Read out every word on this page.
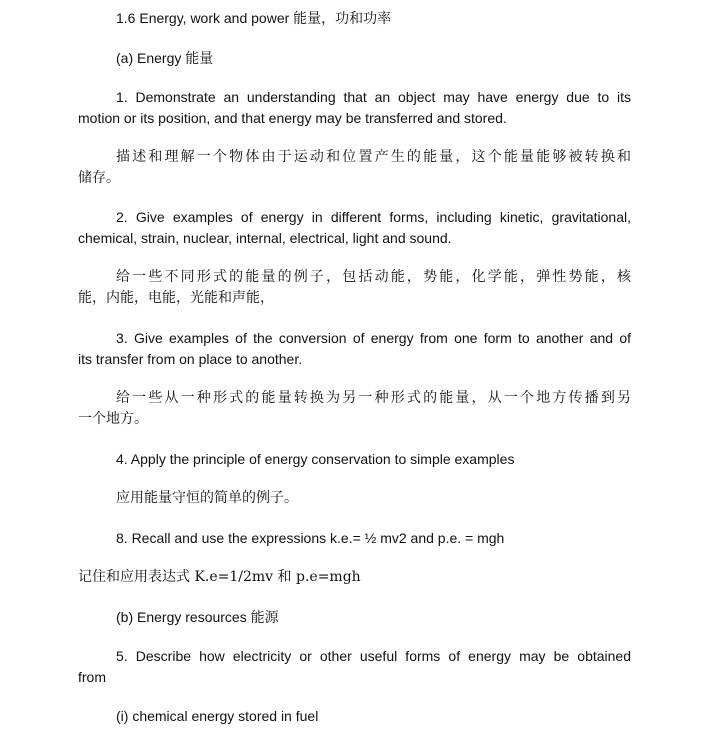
1.6 Energy, work and power 能量，功和功率
(a) Energy 能量
1. Demonstrate an understanding that an object may have energy due to its
motion or its position, and that energy may be transferred and stored.
描述和理解一个物体由于运动和位置产生的能量，这个能量能够被转换和
储存。
2. Give examples of energy in different forms, including kinetic, gravitational,
chemical, strain, nuclear, internal, electrical, light and sound.
给一些不同形式的能量的例子，包括动能，势能，化学能，弹性势能，核
能，内能，电能，光能和声能，
3. Give examples of the conversion of energy from one form to another and of
its transfer from on place to another.
给一些从一种形式的能量转换为另一种形式的能量，从一个地方传播到另
一个地方。
4. Apply the principle of energy conservation to simple examples
应用能量守恒的简单的例子。
8. Recall and use the expressions k.e.= ½ mv2 and p.e. = mgh
记住和应用表达式 K.e=1/2mv 和 p.e=mgh
(b) Energy resources 能源
5. Describe how electricity or other useful forms of energy may be obtained
from
(i) chemical energy stored in fuel
